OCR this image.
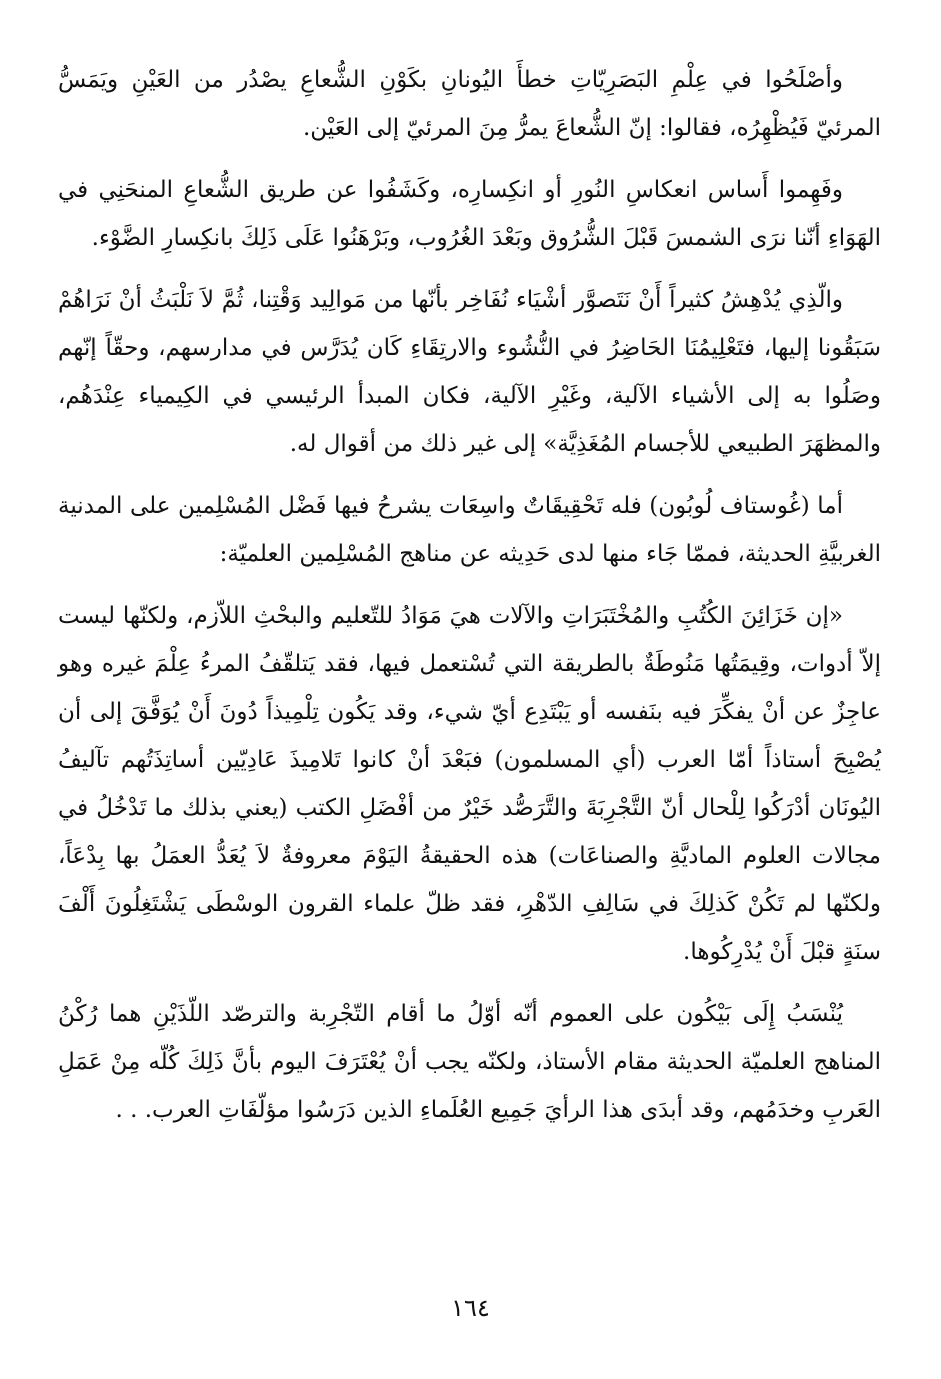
وأصْلَحُوا في عِلْمِ البَصَرِيّاتِ خطأَ اليُونانِ بكَوْنِ الشُّعاعِ يصْدُر من العَيْنِ ويَمَسُّ المرئيّ فَيُظْهِرُه، فقالوا: إنّ الشُّعاعَ يمرُّ مِنَ المرئيّ إلى العَيْن.

وفَهِموا أَساس انعكاسِ النُورِ أو انكِسارِه، وكَشَفُوا عن طريق الشُّعاعِ المنحَنِي في الهَوَاءِ أنّنا نرَى الشمسَ قَبْلَ الشُّرُوق وبَعْدَ الغُرُوب، وبَرْهَنُوا عَلَى ذَلِكَ بانكِسارِ الضَّوْء.

والّذِي يُدْهِشُ كثيراً أَنْ نَتَصوَّر أشْيَاء نُفَاخِر بأنّها من مَوالِيد وَقْتِنا، ثُمَّ لاَ نَلْبَثُ أنْ نَرَاهُمْ سَبَقُونا إليها، فتَعْلِيمُنَا الحَاضِرُ في النُّشُوء والارتِقَاءِ كَان يُدَرَّس في مدارسهم، وحقّاً إنّهم وصَلُوا به إلى الأشياء الآلية، وغَيْرِ الآلية، فكان المبدأ الرئيسي في الكِيمياء عِنْدَهُم، والمظهَرَ الطبيعي للأجسام المُغَذِيَّة» إلى غير ذلك من أقوال له.

أما (غُوستاف لُوبُون) فله تَحْقِيقَاتٌ واسِعَات يشرحُ فيها فَضْل المُسْلِمين على المدنية الغربيَّةِ الحديثة، فممّا جَاء منها لدى حَدِيثه عن مناهج المُسْلِمين العلميّة:

«إن خَزَائِنَ الكُتُبِ والمُخْتَبَرَاتِ والآلات هيَ مَوَادُ للتّعليم والبحْثِ اللاّزم، ولكنّها ليست إلاّ أدوات، وقِيمَتُها مَنُوطَةٌ بالطريقة التي تُسْتعمل فيها، فقد يَتلقّفُ المرءُ عِلْمَ غيره وهو عاجِزٌ عن أنْ يفكِّرَ فيه بنَفسه أو يَبْتَدِع أيّ شيء، وقد يَكُون تِلْمِيذاً دُونَ أَنْ يُوَفَّقَ إلى أن يُصْبِحَ أستاذاً أمّا العرب (أي المسلمون) فبَعْدَ أنْ كانوا تَلامِيذَ عَادِيّين أساتِذَتُهم تآليفُ اليُونَان أدْرَكُوا لِلْحال أنّ التَّجْرِبَةَ والتَّرَصُّد خَيْرٌ من أفْضَلِ الكتب (يعني بذلك ما تَدْخُلُ في مجالات العلوم الماديَّةِ والصناعَات) هذه الحقيقةُ اليَوْمَ معروفةٌ لاَ يُعَدُّ العمَلُ بها بِدْعَاً، ولكنّها لم تَكُنْ كَذلِكَ في سَالِفِ الدّهْرِ، فقد ظلّ علماء القرون الوسْطَى يَشْتَغِلُونَ أَلْفَ سنَةٍ قبْلَ أَنْ يُدْرِكُوها.

يُنْسَبُ إِلَى بَيْكُون على العموم أنّه أوّلُ ما أقام التّجْرِبة والترصّد اللّذَيْنِ هما رُكْنُ المناهج العلميّة الحديثة مقام الأستاذ، ولكنّه يجب أنْ يُعْتَرَفَ اليوم بأنَّ ذَلِكَ كُلّه مِنْ عَمَلِ العَربِ وخدَمُهم، وقد أبدَى هذا الرأيَ جَمِيع العُلَماءِ الذين دَرَسُوا مؤلّفَاتِ العرب. . .

١٦٤
